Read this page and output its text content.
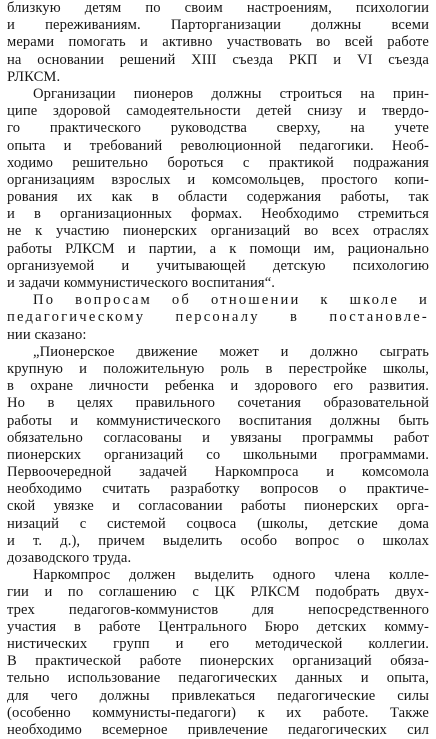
близкую детям по своим настроениям, психологии
и переживаниям. Парторганизации должны всеми
мерами помогать и активно участвовать во всей работе
на основании решений XIII съезда РКП и VI съезда
РЛКСМ.
Организации пионеров должны строиться на прин-
ципе здоровой самодеятельности детей снизу и твердо-
го практического руководства сверху, на учете
опыта и требований революционной педагогики. Необ-
ходимо решительно бороться с практикой подражания
организациям взрослых и комсомольцев, простого копи-
рования их как в области содержания работы, так
и в организационных формах. Необходимо стремиться
не к участию пионерских организаций во всех отраслях
работы РЛКСМ и партии, а к помощи им, рационально
организуемой и учитывающей детскую психологию
и задачи коммунистического воспитания“.
По вопросам об отношении к школе и
педагогическому персоналу в постановле-
нии сказано:
„Пионерское движение может и должно сыграть
крупную и положительную роль в перестройке школы,
в охране личности ребенка и здорового его развития.
Но в целях правильного сочетания образовательной
работы и коммунистического воспитания должны быть
обязательно согласованы и увязаны программы работ
пионерских организаций со школьными программами.
Первоочередной задачей Наркомпроса и комсомола
необходимо считать разработку вопросов о практиче-
ской увязке и согласовании работы пионерских орга-
низаций с системой соцвоса (школы, детские дома
и т. д.), причем выделить особо вопрос о школах
дозаводского труда.
Наркомпрос должен выделить одного члена колле-
гии и по соглашению с ЦК РЛКСМ подобрать двух-
трех педагогов-коммунистов для непосредственного
участия в работе Центрального Бюро детских комму-
нистических групп и его методической коллегии.
В практической работе пионерских организаций обяза-
тельно использование педагогических данных и опыта,
для чего должны привлекаться педагогические силы
(особенно коммунисты-педагоги) к их работе. Также
необходимо всемерное привлечение педагогических сил
